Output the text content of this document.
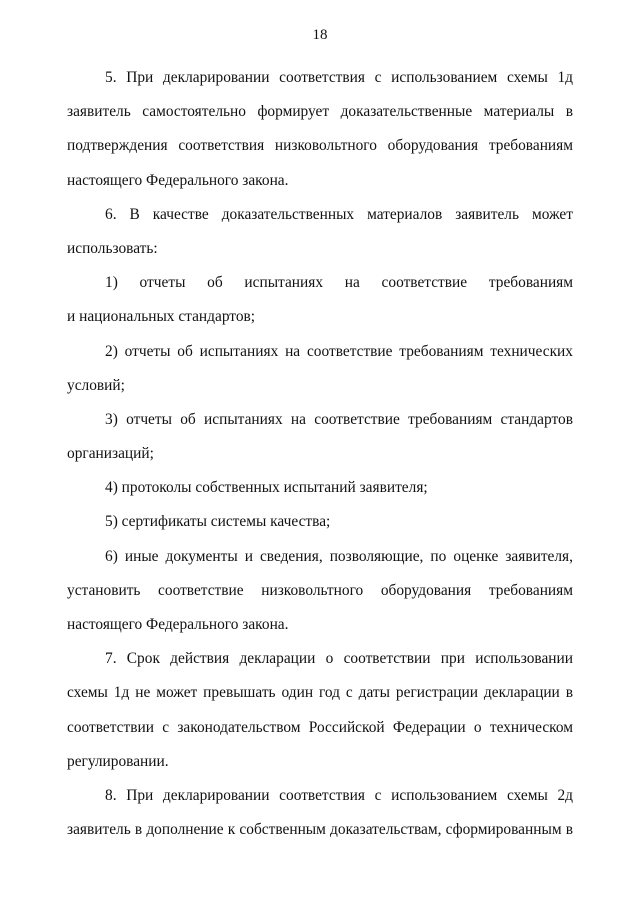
18
5. При декларировании соответствия с использованием схемы 1д
заявитель самостоятельно формирует доказательственные материалы в
подтверждения соответствия низковольтного оборудования требованиям
настоящего Федерального закона.
6. В качестве доказательственных материалов заявитель может
использовать:
1) отчеты об испытаниях на соответствие требованиям
и национальных стандартов;
2) отчеты об испытаниях на соответствие требованиям технических
условий;
3) отчеты об испытаниях на соответствие требованиям стандартов
организаций;
4) протоколы собственных испытаний заявителя;
5) сертификаты системы качества;
6) иные документы и сведения, позволяющие, по оценке заявителя,
установить соответствие низковольтного оборудования требованиям
настоящего Федерального закона.
7. Срок действия декларации о соответствии при использовании
схемы 1д не может превышать один год с даты регистрации декларации в
соответствии с законодательством Российской Федерации о техническом
регулировании.
8. При декларировании соответствия с использованием схемы 2д
заявитель в дополнение к собственным доказательствам, сформированным в
